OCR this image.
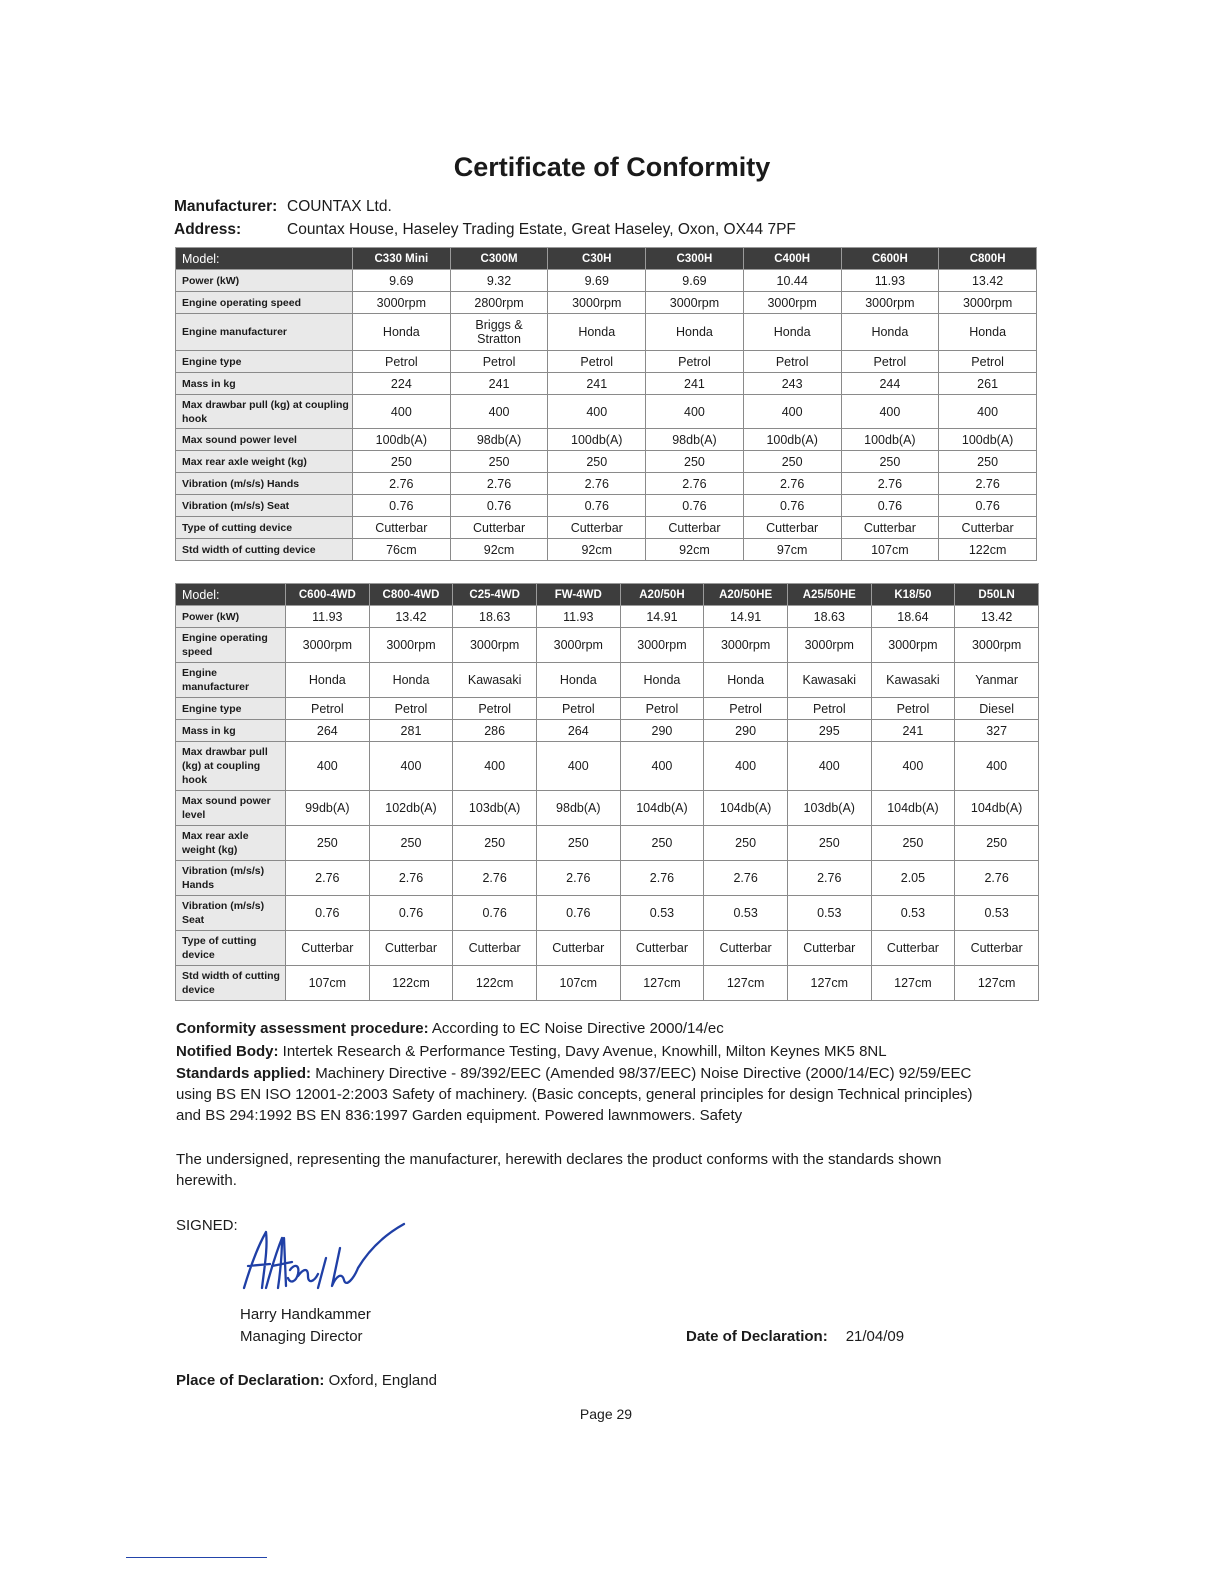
Certificate of Conformity
Manufacturer: COUNTAX Ltd.
Address:	Countax House, Haseley Trading Estate, Great Haseley, Oxon, OX44 7PF
Model:	C330 Mini	C300M	C30H	C300H	C400H	C600H	C800H
Power (kW)	9.69	9.32	9.69	9.69	10.44	11.93	13.42
Engine operating speed	3000rpm	2800rpm	3000rpm	3000rpm	3000rpm	3000rpm	3000rpm
Engine manufacturer	Honda	Briggs & Stratton	Honda	Honda	Honda	Honda	Honda
Engine type	Petrol	Petrol	Petrol	Petrol	Petrol	Petrol	Petrol
Mass in kg	224	241	241	241	243	244	261
Max drawbar pull (kg) at coupling hook	400	400	400	400	400	400	400
Max sound power level	100db(A)	98db(A)	100db(A)	98db(A)	100db(A)	100db(A)	100db(A)
Max rear axle weight (kg)	250	250	250	250	250	250	250
Vibration (m/s/s) Hands	2.76	2.76	2.76	2.76	2.76	2.76	2.76
Vibration (m/s/s) Seat	0.76	0.76	0.76	0.76	0.76	0.76	0.76
Type of cutting device	Cutterbar	Cutterbar	Cutterbar	Cutterbar	Cutterbar	Cutterbar	Cutterbar
Std width of cutting device	76cm	92cm	92cm	92cm	97cm	107cm	122cm
Model:	C600-4WD	C800-4WD	C25-4WD	FW-4WD	A20/50H	A20/50HE	A25/50HE	K18/50	D50LN
Power (kW)	11.93	13.42	18.63	11.93	14.91	14.91	18.63	18.64	13.42
Engine operating speed	3000rpm	3000rpm	3000rpm	3000rpm	3000rpm	3000rpm	3000rpm	3000rpm	3000rpm
Engine manufacturer	Honda	Honda	Kawasaki	Honda	Honda	Honda	Kawasaki	Kawasaki	Yanmar
Engine type	Petrol	Petrol	Petrol	Petrol	Petrol	Petrol	Petrol	Petrol	Diesel
Mass in kg	264	281	286	264	290	290	295	241	327
Max drawbar pull (kg) at coupling hook	400	400	400	400	400	400	400	400	400
Max sound power level	99db(A)	102db(A)	103db(A)	98db(A)	104db(A)	104db(A)	103db(A)	104db(A)	104db(A)
Max rear axle weight (kg)	250	250	250	250	250	250	250	250	250
Vibration (m/s/s) Hands	2.76	2.76	2.76	2.76	2.76	2.76	2.76	2.05	2.76
Vibration (m/s/s) Seat	0.76	0.76	0.76	0.76	0.53	0.53	0.53	0.53	0.53
Type of cutting device	Cutterbar	Cutterbar	Cutterbar	Cutterbar	Cutterbar	Cutterbar	Cutterbar	Cutterbar	Cutterbar
Std width of cutting device	107cm	122cm	122cm	107cm	127cm	127cm	127cm	127cm	127cm
Conformity assessment procedure: According to EC Noise Directive 2000/14/ec
Notified Body: Intertek Research & Performance Testing, Davy Avenue, Knowhill, Milton Keynes MK5 8NL
Standards applied: Machinery Directive - 89/392/EEC (Amended 98/37/EEC) Noise Directive (2000/14/EC) 92/59/EEC using BS EN ISO 12001-2:2003 Safety of machinery. (Basic concepts, general principles for design Technical principles) and BS 294:1992 BS EN 836:1997 Garden equipment. Powered lawnmowers. Safety
The undersigned, representing the manufacturer, herewith declares the product conforms with the standards shown herewith.
SIGNED:
Harry Handkammer
Managing Director	Date of Declaration: 21/04/09
Place of Declaration: Oxford, England
Page 29
